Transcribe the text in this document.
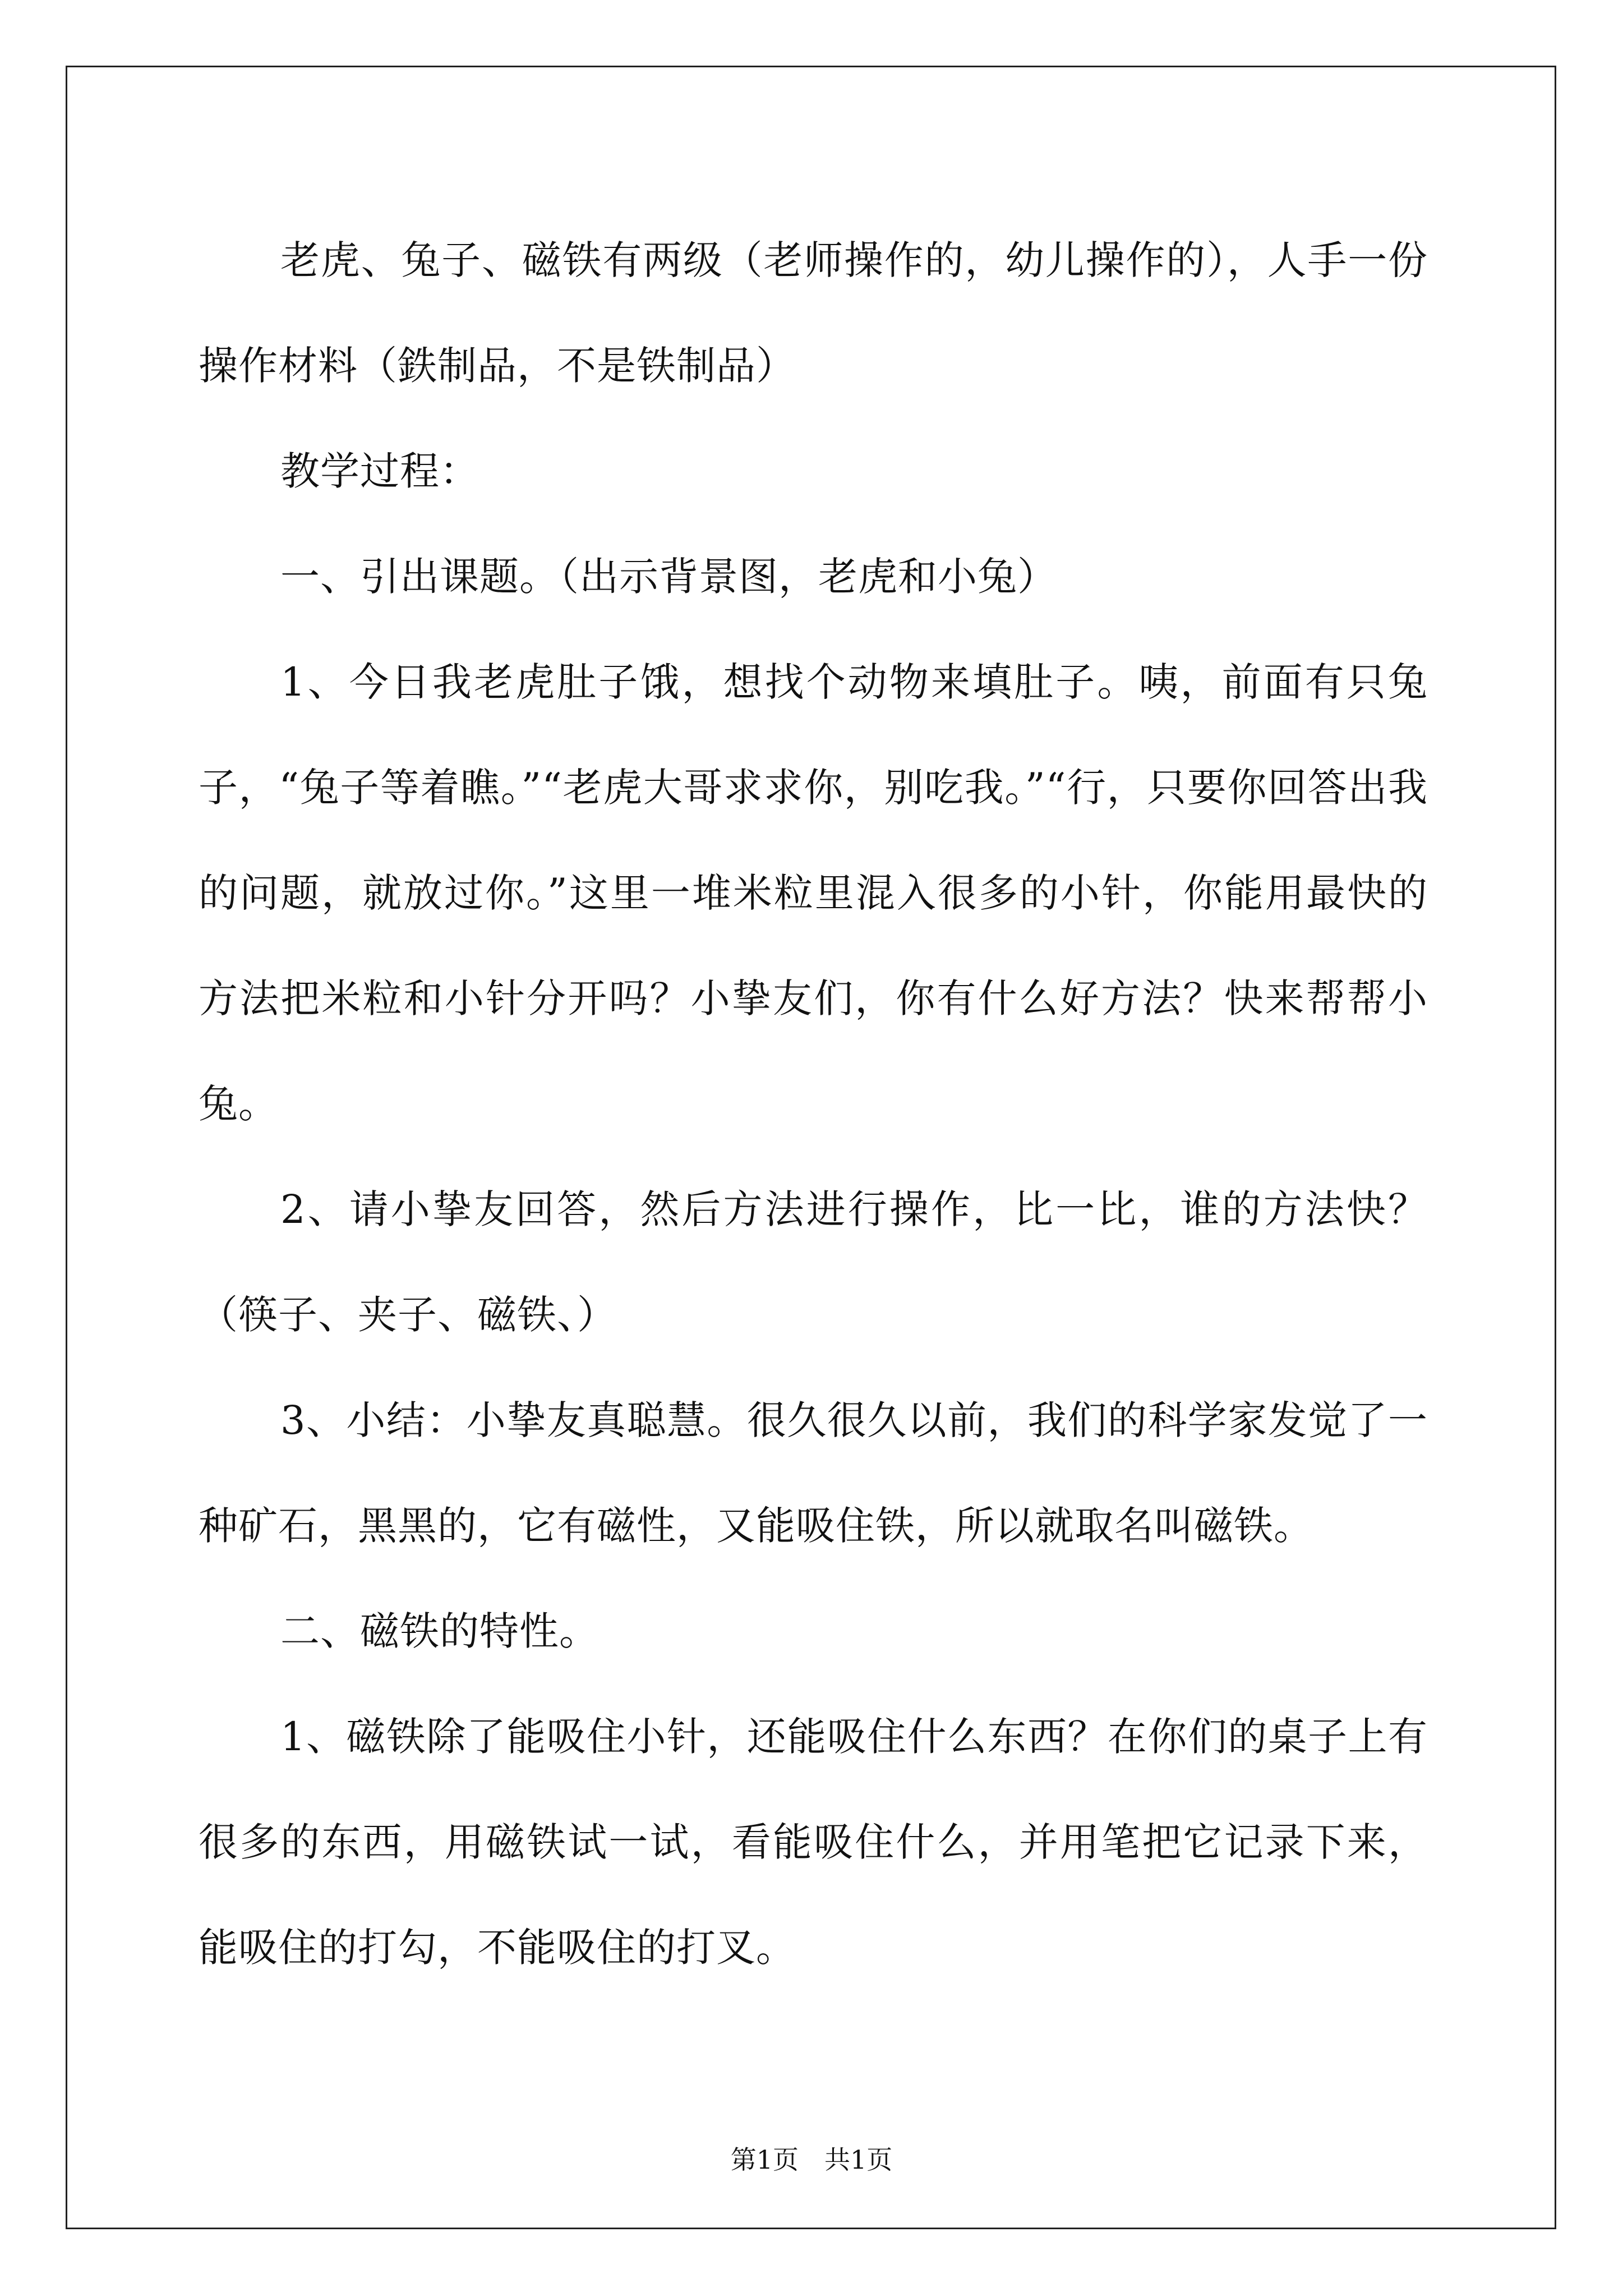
老虎、兔子、磁铁有两级（老师操作的，幼儿操作的），人手一份操作材料（鉄制品，不是铁制品）

教学过程：

一、引出课题。（出示背景图，老虎和小兔）

1、今日我老虎肚子饿，想找个动物来填肚子。咦，前面有只兔子，“兔子等着瞧。”“老虎大哥求求你，别吃我。”“行，只要你回答出我的问题，就放过你。”这里一堆米粒里混入很多的小针，你能用最快的方法把米粒和小针分开吗？小挚友们，你有什么好方法？快来帮帮小兔。

2、请小挚友回答，然后方法进行操作，比一比，谁的方法快？（筷子、夹子、磁铁、）

3、小结：小挚友真聪慧。很久很久以前，我们的科学家发觉了一种矿石，黑黑的，它有磁性，又能吸住铁，所以就取名叫磁铁。

二、磁铁的特性。

1、磁铁除了能吸住小针，还能吸住什么东西？在你们的桌子上有很多的东西，用磁铁试一试，看能吸住什么，并用笔把它记录下来，能吸住的打勾，不能吸住的打叉。

第1页　共1页
